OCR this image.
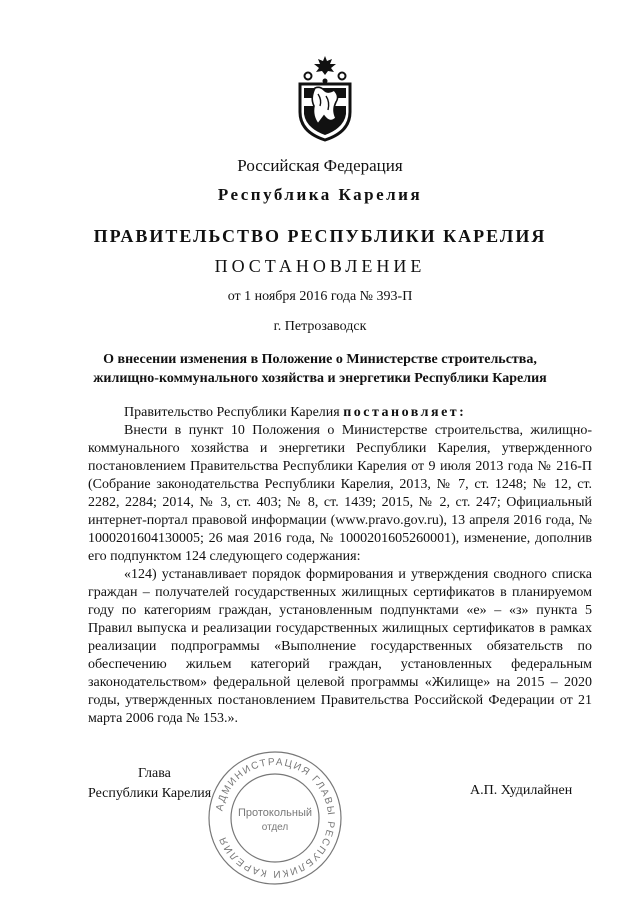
Российская Федерация
Республика Карелия
ПРАВИТЕЛЬСТВО РЕСПУБЛИКИ КАРЕЛИЯ
ПОСТАНОВЛЕНИЕ
от 1 ноября 2016 года № 393-П
г. Петрозаводск
О внесении изменения в Положение о Министерстве строительства,
жилищно-коммунального хозяйства и энергетики Республики Карелия

Правительство Республики Карелия постановляет:

Внести в пункт 10 Положения о Министерстве строительства, жилищно-коммунального хозяйства и энергетики Республики Карелия, утвержденного постановлением Правительства Республики Карелия от 9 июля 2013 года № 216-П (Собрание законодательства Республики Карелия, 2013, № 7, ст. 1248; № 12, ст. 2282, 2284; 2014, № 3, ст. 403; № 8, ст. 1439; 2015, № 2, ст. 247; Официальный интернет-портал правовой информации (www.pravo.gov.ru), 13 апреля 2016 года, № 1000201604130005; 26 мая 2016 года, № 1000201605260001), изменение, дополнив его подпунктом 124 следующего содержания:

«124) устанавливает порядок формирования и утверждения сводного списка граждан – получателей государственных жилищных сертификатов в планируемом году по категориям граждан, установленным подпунктами «е» – «з» пункта 5 Правил выпуска и реализации государственных жилищных сертификатов в рамках реализации подпрограммы «Выполнение государственных обязательств по обеспечению жильем категорий граждан, установленных федеральным законодательством» федеральной целевой программы «Жилище» на 2015 – 2020 годы, утвержденных постановлением Правительства Российской Федерации от 21 марта 2006 года № 153.».

Глава
Республики Карелия	А.П. Худилайнен
АДМИНИСТРАЦИЯ ГЛАВЫ РЕСПУБЛИКИ КАРЕЛИЯ
Протокольный
отдел
